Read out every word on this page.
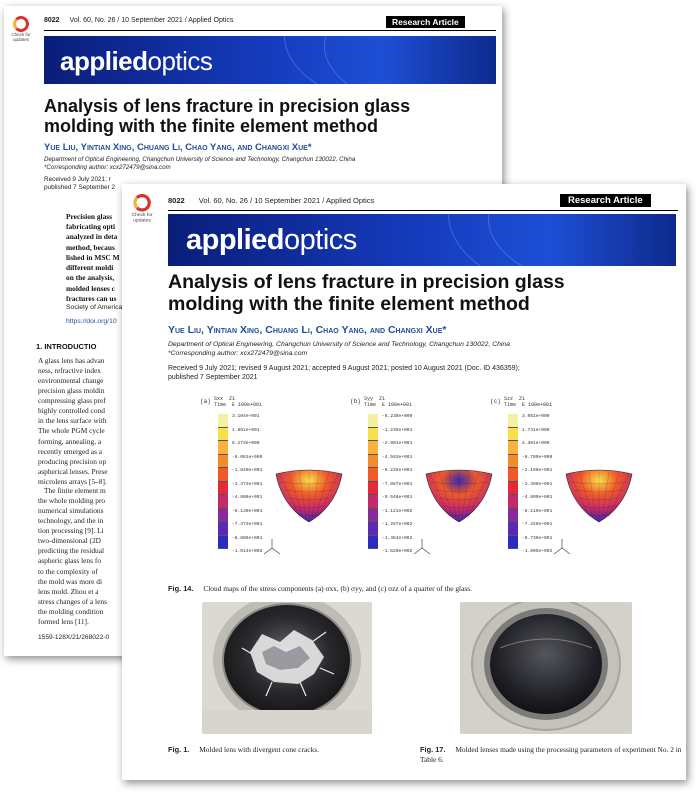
Check for updates
8022 Vol. 60, No. 26 / 10 September 2021 / Applied Optics	Research Article
appliedoptics
Analysis of lens fracture in precision glass
molding with the finite element method
Yue Liu, Yintian Xing, Chuang Li, Chao Yang, and Changxi Xue*
Department of Optical Engineering, Changchun University of Science and Technology, Changchun 130022, China
*Corresponding author: xcx272479@sina.com
Received 9 July 2021; r
published 7 September 2
Precision glass
fabricating opti
analyzed in deta
method, becaus
lished in MSC M
different moldi
on the analysis,
molded lenses c
fractures can us
Society of America
https://doi.org/10
1. INTRODUCTIO
A glass lens has advan
ness, refractive index
environmental change
precision glass moldin
compressing glass pref
highly controlled cond
in the lens surface with
The whole PGM cycle
forming, annealing, a
recently emerged as a
producing precision op
aspherical lenses. Prese
microlens arrays [5–8].
The finite element m
the whole molding pro
numerical simulations
technology, and the in
tion processing [9]. Li
two-dimensional (2D
predicting the residual
aspheric glass lens fo
to the complexity of
the mold was more di
lens mold. Zhou et a
stress changes of a lens
the molding condition
formed lens [11].
1559-128X/21/268022-0
Check for updates
8022 Vol. 60, No. 26 / 10 September 2021 / Applied Optics	Research Article
appliedoptics
Analysis of lens fracture in precision glass
molding with the finite element method
Yue Liu, Yintian Xing, Chuang Li, Chao Yang, and Changxi Xue*
Department of Optical Engineering, Changchun University of Science and Technology, Changchun 130022, China
*Corresponding author: xcx272479@sina.com
Received 9 July 2021; revised 9 August 2021; accepted 9 August 2021; posted 10 August 2021 (Doc. ID 436359);
published 7 September 2021
(a) Sxx  Z1
Time  E 100e+001
3.104e+001
1.861e+001
6.273e+000
-6.061e+000
-1.840e+001
-3.473e+001
-4.806e+001
-6.139e+001
-7.473e+001
-8.806e+001
-1.014e+002
(b) Syy  Z1
Time  E 100e+001
-6.238e+000
-1.236e+001
-2.901e+001
-4.563e+001
-6.225e+001
-7.887e+001
-9.548e+001
-1.121e+002
-1.287e+002
-1.454e+002
-1.620e+002
(c) Szz  Z1
Time  E 100e+001
3.051e+000
1.741e+000
4.301e+000
-8.789e+000
-2.199e+001
-3.499e+001
-4.809e+001
-6.119e+001
-7.429e+001
-8.739e+001
-1.005e+002
Fig. 14. Cloud maps of the stress components (a) σxx, (b) σyy, and (c) σzz of a quarter of the glass.
Fig. 1. Molded lens with divergent cone cracks.	Fig. 17. Molded lenses made using the processing parameters of experiment No. 2 in Table 6.
